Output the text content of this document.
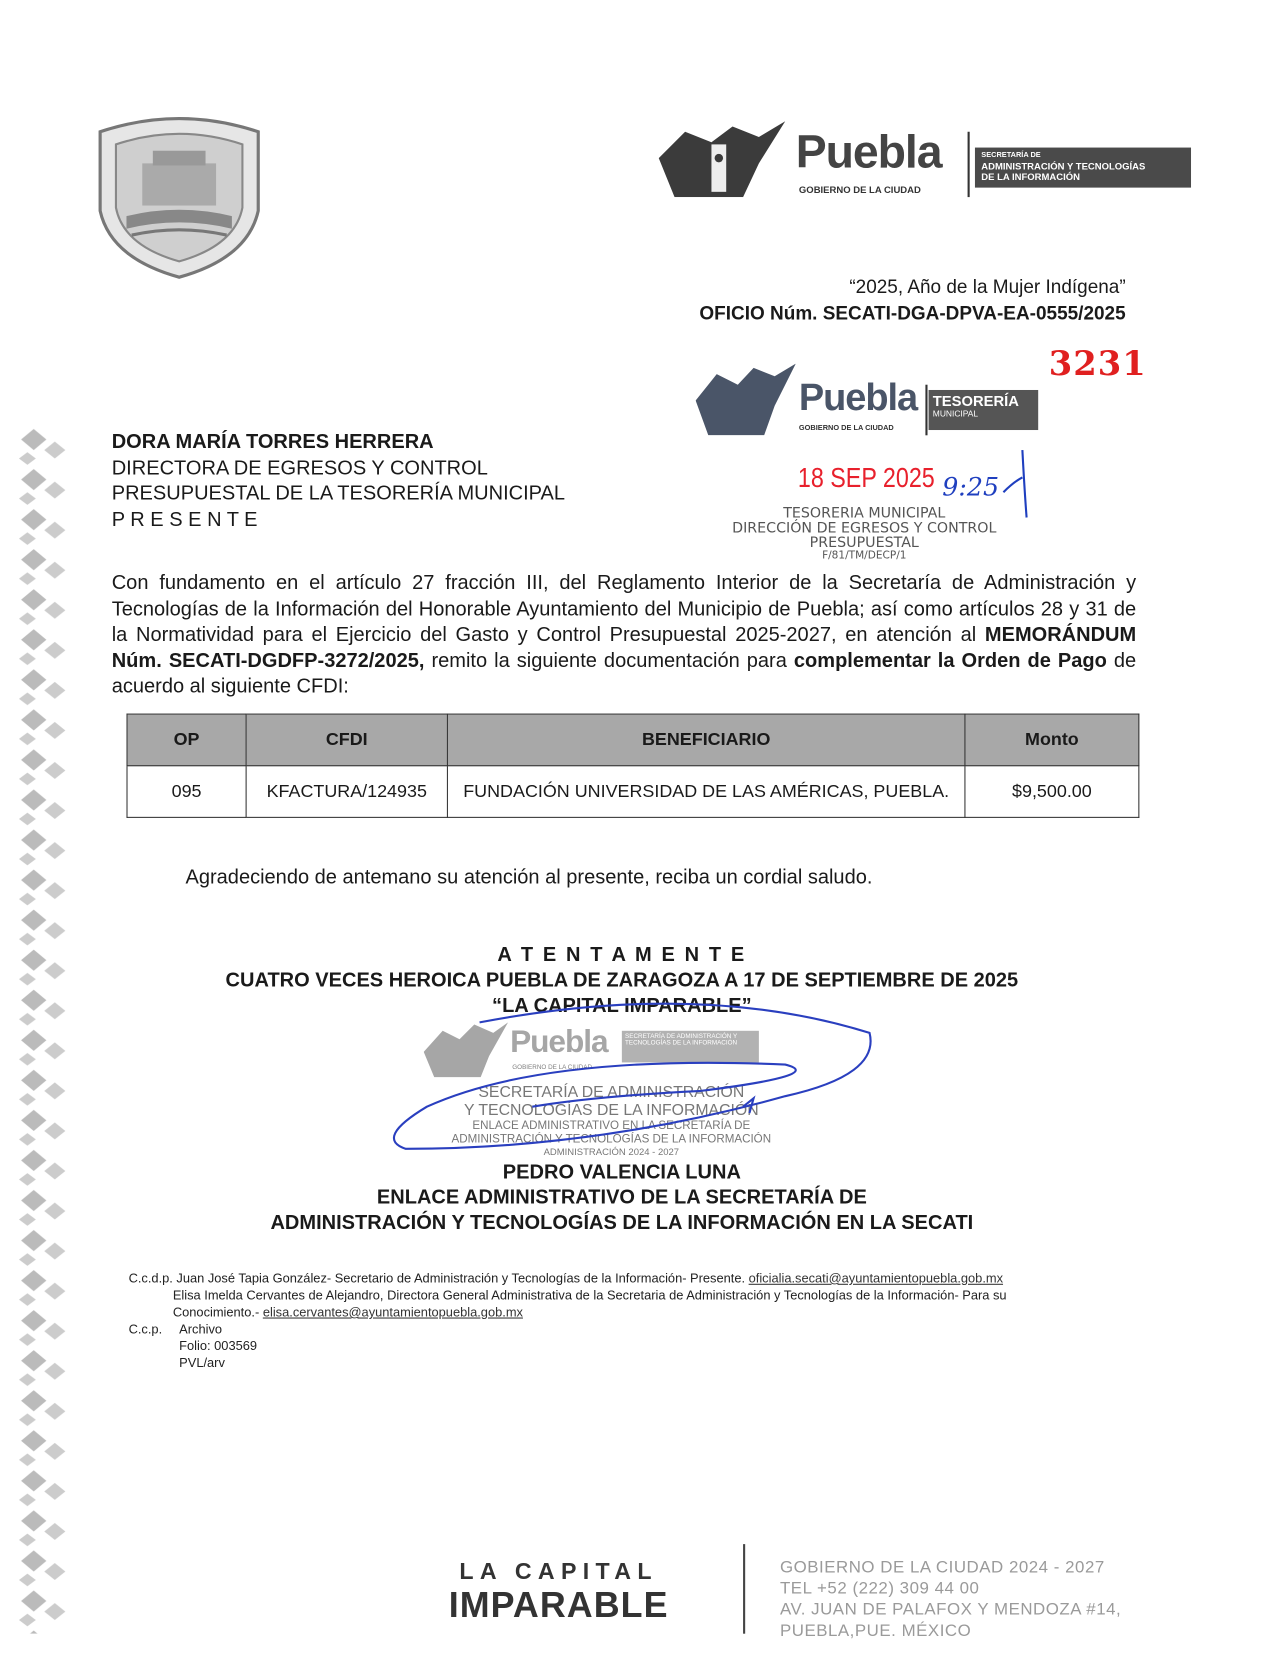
Puebla
GOBIERNO DE LA CIUDAD
SECRETARÍA DE
ADMINISTRACIÓN Y TECNOLOGÍAS
DE LA INFORMACIÓN
“2025, Año de la Mujer Indígena”
OFICIO Núm. SECATI-DGA-DPVA-EA-0555/2025
3231
Puebla
GOBIERNO DE LA CIUDAD
TESORERÍA
MUNICIPAL
18 SEP 2025 9:25
TESORERIA MUNICIPAL
DIRECCIÓN DE EGRESOS Y CONTROL
PRESUPUESTAL
F/81/TM/DECP/1
DORA MARÍA TORRES HERRERA
DIRECTORA DE EGRESOS Y CONTROL
PRESUPUESTAL DE LA TESORERÍA MUNICIPAL
P R E S E N T E
Con fundamento en el artículo 27 fracción III, del Reglamento Interior de la Secretaría de Administración y Tecnologías de la Información del Honorable Ayuntamiento del Municipio de Puebla; así como artículos 28 y 31 de la Normatividad para el Ejercicio del Gasto y Control Presupuestal 2025-2027, en atención al MEMORÁNDUM Núm. SECATI-DGDFP-3272/2025, remito la siguiente documentación para complementar la Orden de Pago de acuerdo al siguiente CFDI:
OP	CFDI	BENEFICIARIO	Monto
095	KFACTURA/124935	FUNDACIÓN UNIVERSIDAD DE LAS AMÉRICAS, PUEBLA.	$9,500.00
Agradeciendo de antemano su atención al presente, reciba un cordial saludo.
A T E N T A M E N T E
CUATRO VECES HEROICA PUEBLA DE ZARAGOZA A 17 DE SEPTIEMBRE DE 2025
“LA CAPITAL IMPARABLE”
Puebla
GOBIERNO DE LA CIUDAD
SECRETARÍA DE ADMINISTRACIÓN Y TECNOLOGÍAS DE LA INFORMACIÓN
SECRETARÍA DE ADMINISTRACIÓN
Y TECNOLOGÍAS DE LA INFORMACIÓN
ENLACE ADMINISTRATIVO EN LA SECRETARÍA DE
ADMINISTRACIÓN Y TECNOLOGÍAS DE LA INFORMACIÓN
ADMINISTRACIÓN 2024 - 2027
PEDRO VALENCIA LUNA
ENLACE ADMINISTRATIVO DE LA SECRETARÍA DE
ADMINISTRACIÓN Y TECNOLOGÍAS DE LA INFORMACIÓN EN LA SECATI
C.c.d.p. Juan José Tapia González- Secretario de Administración y Tecnologías de la Información- Presente. oficialia.secati@ayuntamientopuebla.gob.mx
Elisa Imelda Cervantes de Alejandro, Directora General Administrativa de la Secretaria de Administración y Tecnologías de la Información- Para su
Conocimiento.- elisa.cervantes@ayuntamientopuebla.gob.mx
C.c.p. Archivo
Folio: 003569
PVL/arv
LA CAPITAL
IMPARABLE
GOBIERNO DE LA CIUDAD 2024 - 2027
TEL +52 (222) 309 44 00
AV. JUAN DE PALAFOX Y MENDOZA #14,
PUEBLA,PUE. MÉXICO
